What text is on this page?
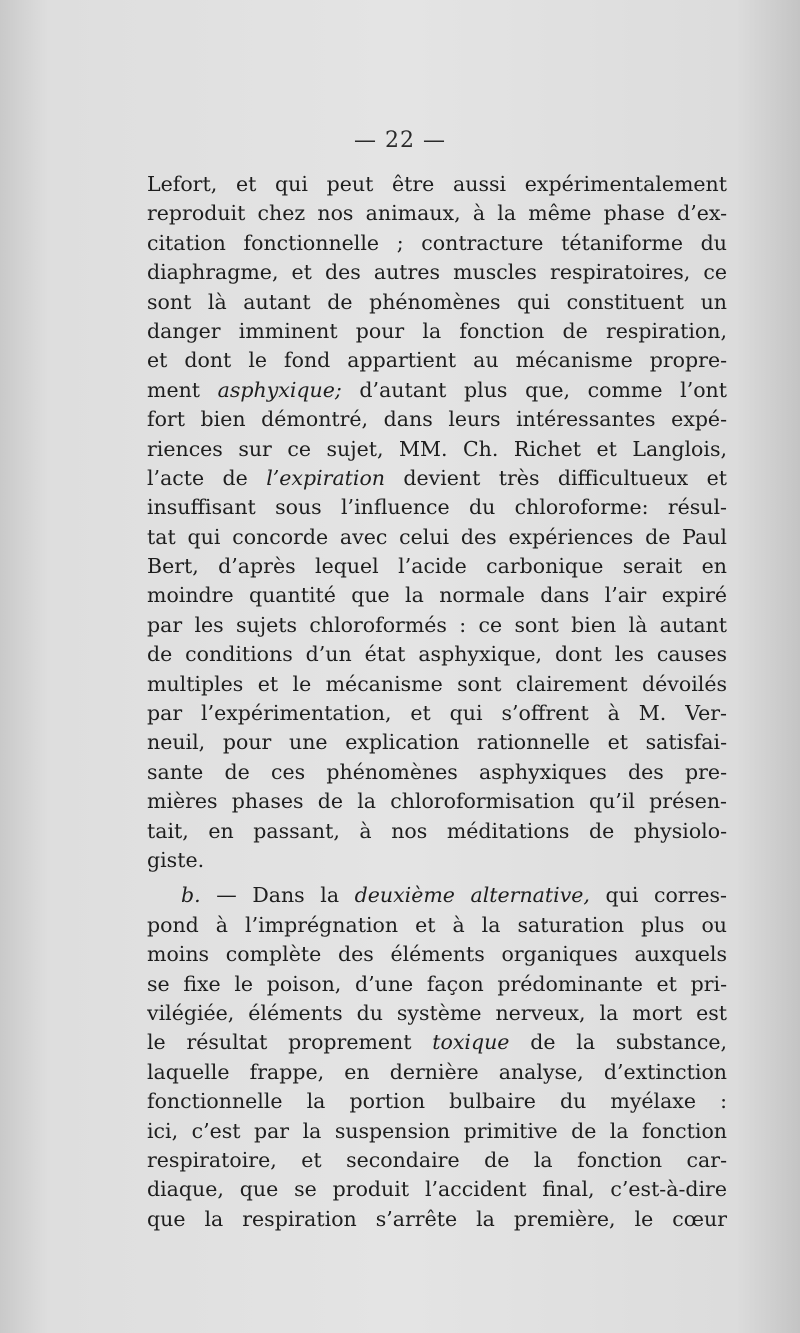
— 22 —
Lefort, et qui peut être aussi expérimentalement
reproduit chez nos animaux, à la même phase d’ex-
citation fonctionnelle ; contracture tétaniforme du
diaphragme, et des autres muscles respiratoires, ce
sont là autant de phénomènes qui constituent un
danger imminent pour la fonction de respiration,
et dont le fond appartient au mécanisme propre-
ment asphyxique; d’autant plus que, comme l’ont
fort bien démontré, dans leurs intéressantes expé-
riences sur ce sujet, MM. Ch. Richet et Langlois,
l’acte de l’expiration devient très difficultueux et
insuffisant sous l’influence du chloroforme: résul-
tat qui concorde avec celui des expériences de Paul
Bert, d’après lequel l’acide carbonique serait en
moindre quantité que la normale dans l’air expiré
par les sujets chloroformés : ce sont bien là autant
de conditions d’un état asphyxique, dont les causes
multiples et le mécanisme sont clairement dévoilés
par l’expérimentation, et qui s’offrent à M. Ver-
neuil, pour une explication rationnelle et satisfai-
sante de ces phénomènes asphyxiques des pre-
mières phases de la chloroformisation qu’il présen-
tait, en passant, à nos méditations de physiolo-
giste.
b. — Dans la deuxième alternative, qui corres-
pond à l’imprégnation et à la saturation plus ou
moins complète des éléments organiques auxquels
se fixe le poison, d’une façon prédominante et pri-
vilégiée, éléments du système nerveux, la mort est
le résultat proprement toxique de la substance,
laquelle frappe, en dernière analyse, d’extinction
fonctionnelle la portion bulbaire du myélaxe :
ici, c’est par la suspension primitive de la fonction
respiratoire, et secondaire de la fonction car-
diaque, que se produit l’accident final, c’est-à-dire
que la respiration s’arrête la première, le cœur
